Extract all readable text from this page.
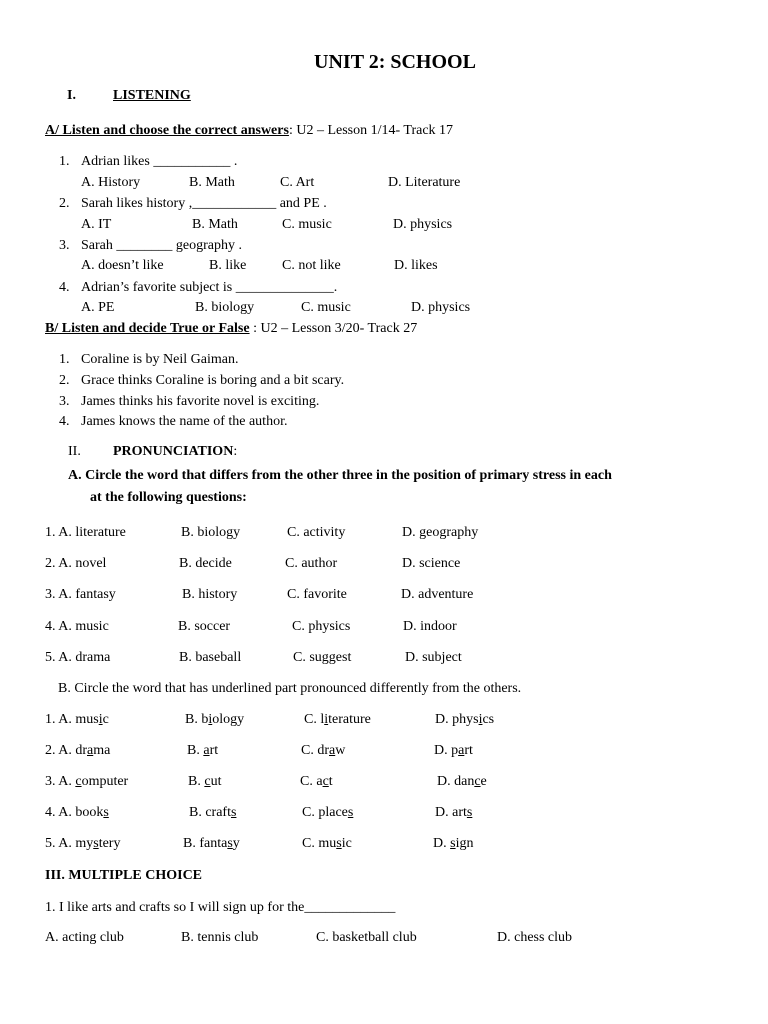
UNIT 2: SCHOOL
I.	LISTENING
A/ Listen and choose the correct answers: U2 – Lesson 1/14- Track 17
1. Adrian likes ___________ .
A. History	B. Math	C. Art	D. Literature
2. Sarah likes history ,____________ and PE .
A. IT	B. Math	C. music	D. physics
3. Sarah ________ geography .
A. doesn’t like	B. like	C. not like	D. likes
4. Adrian’s favorite subject is ______________.
A. PE	B. biology	C. music	D. physics
B/ Listen and decide True or False : U2 – Lesson 3/20- Track 27
1. Coraline is by Neil Gaiman.
2. Grace thinks Coraline is boring and a bit scary.
3. James thinks his favorite novel is exciting.
4. James knows the name of the author.
II. PRONUNCIATION:
A. Circle the word that differs from the other three in the position of primary stress in each
at the following questions:
1. A. literature	B. biology	C. activity	D. geography
2. A. novel	B. decide	C. author	D. science
3. A. fantasy	B. history	C. favorite	D. adventure
4. A. music	B. soccer	C. physics	D. indoor
5. A. drama	B. baseball	C. suggest	D. subject
B. Circle the word that has underlined part pronounced differently from the others.
1. A. music	B. biology	C. literature	D. physics
2. A. drama	B. art	C. draw	D. part
3. A. computer	B. cut	C. act	D. dance
4. A. books	B. crafts	C. places	D. arts
5. A. mystery	B. fantasy	C. music	D. sign
III. MULTIPLE CHOICE
1. I like arts and crafts so I will sign up for the_____________
A. acting club	B. tennis club	C. basketball club	D. chess club
